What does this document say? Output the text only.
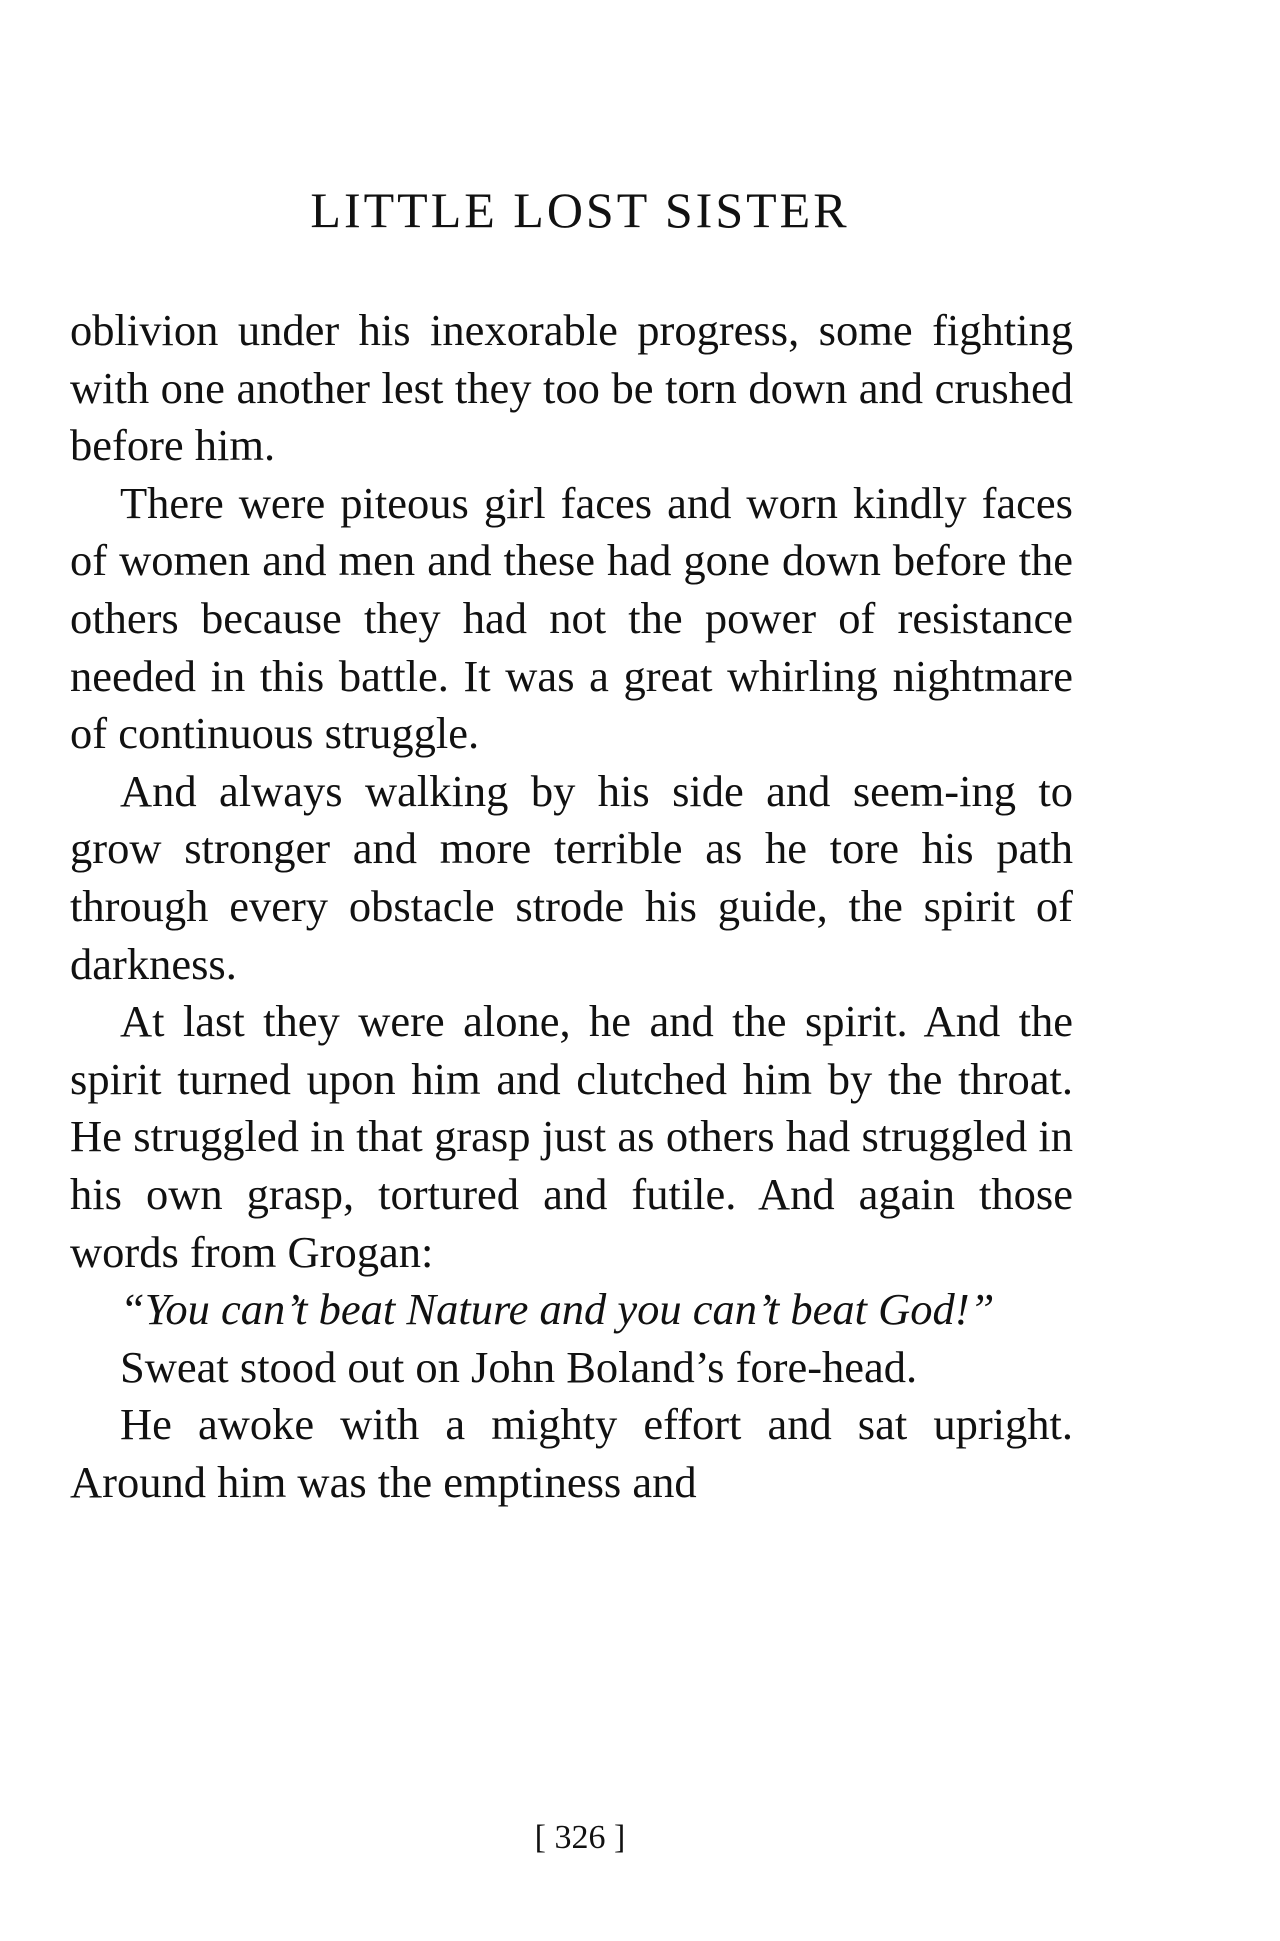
LITTLE LOST SISTER

oblivion under his inexorable progress, some fighting with one another lest they too be torn down and crushed before him.

There were piteous girl faces and worn kindly faces of women and men and these had gone down before the others because they had not the power of resistance needed in this battle. It was a great whirling nightmare of continuous struggle.

And always walking by his side and seem-ing to grow stronger and more terrible as he tore his path through every obstacle strode his guide, the spirit of darkness.

At last they were alone, he and the spirit. And the spirit turned upon him and clutched him by the throat. He struggled in that grasp just as others had struggled in his own grasp, tortured and futile. And again those words from Grogan:

“You can’t beat Nature and you can’t beat God!”

Sweat stood out on John Boland’s fore-head.

He awoke with a mighty effort and sat upright. Around him was the emptiness and

[ 326 ]
